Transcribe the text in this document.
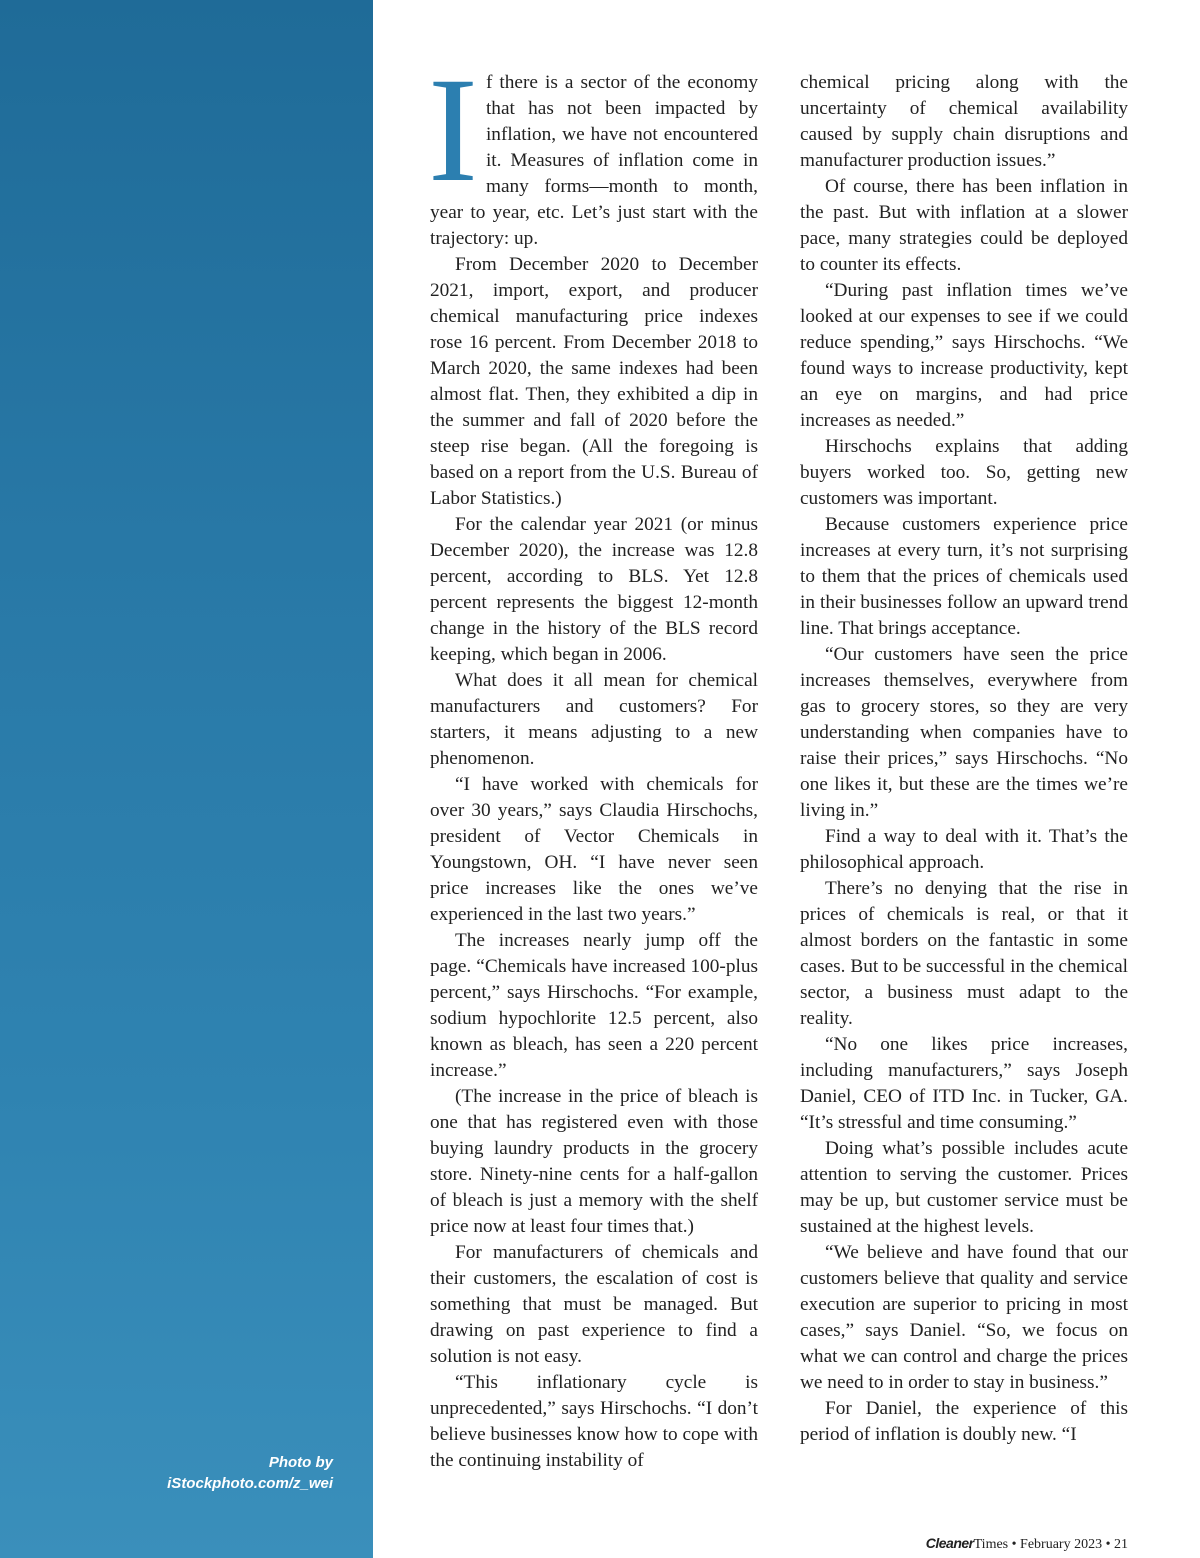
Photo by
iStockphoto.com/z_wei

If there is a sector of the economy that has not been impacted by inflation, we have not encountered it. Measures of inflation come in many forms—month to month, year to year, etc. Let’s just start with the trajectory: up.

From December 2020 to December 2021, import, export, and producer chemical manufacturing price indexes rose 16 percent. From December 2018 to March 2020, the same indexes had been almost flat. Then, they exhibited a dip in the summer and fall of 2020 before the steep rise began. (All the foregoing is based on a report from the U.S. Bureau of Labor Statistics.)

For the calendar year 2021 (or minus December 2020), the increase was 12.8 percent, according to BLS. Yet 12.8 percent represents the biggest 12-month change in the history of the BLS record keeping, which began in 2006.

What does it all mean for chemical manufacturers and customers? For starters, it means adjusting to a new phenomenon.

“I have worked with chemicals for over 30 years,” says Claudia Hirschochs, president of Vector Chemicals in Youngstown, OH. “I have never seen price increases like the ones we’ve experienced in the last two years.”

The increases nearly jump off the page. “Chemicals have increased 100-plus percent,” says Hirschochs. “For example, sodium hypochlorite 12.5 percent, also known as bleach, has seen a 220 percent increase.”

(The increase in the price of bleach is one that has registered even with those buying laundry products in the grocery store. Ninety-nine cents for a half-gallon of bleach is just a memory with the shelf price now at least four times that.)

For manufacturers of chemicals and their customers, the escalation of cost is something that must be managed. But drawing on past experience to find a solution is not easy.

“This inflationary cycle is unprecedented,” says Hirschochs. “I don’t believe businesses know how to cope with the continuing instability of

chemical pricing along with the uncertainty of chemical availability caused by supply chain disruptions and manufacturer production issues.”

Of course, there has been inflation in the past. But with inflation at a slower pace, many strategies could be deployed to counter its effects.

“During past inflation times we’ve looked at our expenses to see if we could reduce spending,” says Hirschochs. “We found ways to increase productivity, kept an eye on margins, and had price increases as needed.”

Hirschochs explains that adding buyers worked too. So, getting new customers was important.

Because customers experience price increases at every turn, it’s not surprising to them that the prices of chemicals used in their businesses follow an upward trend line. That brings acceptance.

“Our customers have seen the price increases themselves, everywhere from gas to grocery stores, so they are very understanding when companies have to raise their prices,” says Hirschochs. “No one likes it, but these are the times we’re living in.”

Find a way to deal with it. That’s the philosophical approach.

There’s no denying that the rise in prices of chemicals is real, or that it almost borders on the fantastic in some cases. But to be successful in the chemical sector, a business must adapt to the reality.

“No one likes price increases, including manufacturers,” says Joseph Daniel, CEO of ITD Inc. in Tucker, GA. “It’s stressful and time consuming.”

Doing what’s possible includes acute attention to serving the customer. Prices may be up, but customer service must be sustained at the highest levels.

“We believe and have found that our customers believe that quality and service execution are superior to pricing in most cases,” says Daniel. “So, we focus on what we can control and charge the prices we need to in order to stay in business.”

For Daniel, the experience of this period of inflation is doubly new. “I

CleanerTimes • February 2023 • 21
